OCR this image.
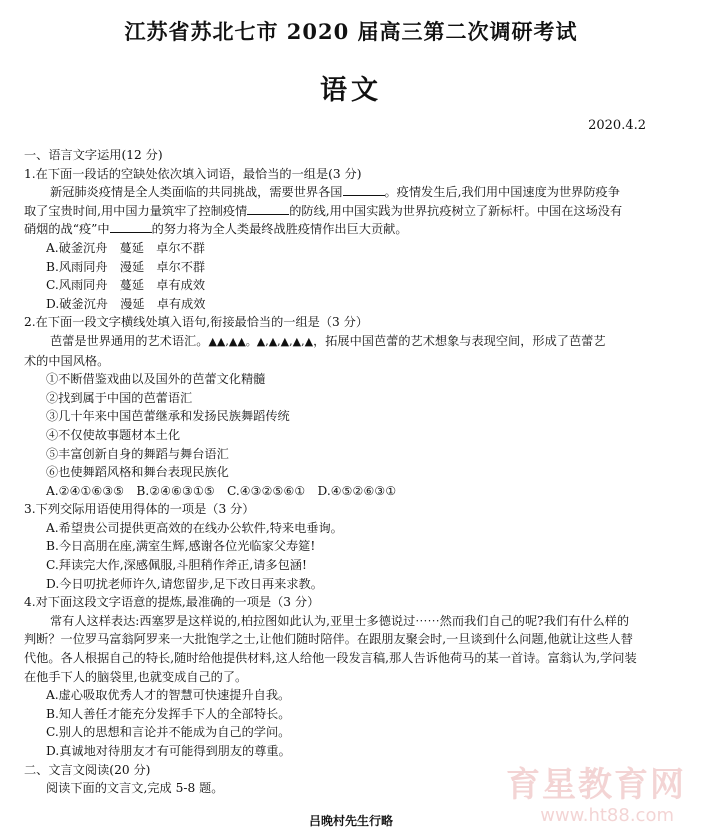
江苏省苏北七市 2020 届高三第二次调研考试
语文
2020.4.2
一、语言文字运用(12 分)
1.在下面一段话的空缺处依次填入词语，最恰当的一组是(3 分)
新冠肺炎疫情是全人类面临的共同挑战，需要世界各国	。疫情发生后,我们用中国速度为世界防疫争
取了宝贵时间,用中国力量筑牢了控制疫情	的防线,用中国实践为世界抗疫树立了新标杆。中国在这场没有
硝烟的战“疫”中	的努力将为全人类最终战胜疫情作出巨大贡献。
A.破釜沉舟　蔓延　卓尔不群
B.风雨同舟　漫延　卓尔不群
C.风雨同舟　蔓延　卓有成效
D.破釜沉舟　漫延　卓有成效
2.在下面一段文字横线处填入语句,衔接最恰当的一组是（3 分）
芭蕾是世界通用的艺术语汇。▲▲,▲▲。▲,▲,▲,▲,▲，拓展中国芭蕾的艺术想象与表现空间，形成了芭蕾艺
术的中国风格。
①不断借鉴戏曲以及国外的芭蕾文化精髓
②找到属于中国的芭蕾语汇
③几十年来中国芭蕾继承和发扬民族舞蹈传统
④不仅使故事题材本土化
⑤丰富创新自身的舞蹈与舞台语汇
⑥也使舞蹈风格和舞台表现民族化
A.②④①⑥③⑤　B.②④⑥③①⑤　C.④③②⑤⑥①　D.④⑤②⑥③①
3.下列交际用语使用得体的一项是（3 分）
A.希望贵公司提供更高效的在线办公软件,特来电垂询。
B.今日高朋在座,满室生辉,感谢各位光临家父寿筵!
C.拜读完大作,深感佩服,斗胆稍作斧正,请多包涵!
D.今日叨扰老师许久,请您留步,足下改日再来求教。
4.对下面这段文字语意的提炼,最准确的一项是（3 分）
常有人这样表达:西塞罗是这样说的,柏拉图如此认为,亚里士多德说过⋯⋯然而我们自己的呢?我们有什么样的
判断？一位罗马富翁阿罗来一大批饱学之士,让他们随时陪伴。在跟朋友聚会时,一旦谈到什么问题,他就让这些人替
代他。各人根据自己的特长,随时给他提供材料,这人给他一段发言稿,那人告诉他荷马的某一首诗。富翁认为,学问装
在他手下人的脑袋里,也就变成自己的了。
A.虚心吸取优秀人才的智慧可快速提升自我。
B.知人善任才能充分发挥手下人的全部特长。
C.别人的思想和言论并不能成为自己的学问。
D.真诚地对待朋友才有可能得到朋友的尊重。
二、文言文阅读(20 分)
阅读下面的文言文,完成 5-8 题。
吕晚村先生行略
育星教育网
www.ht88.com
